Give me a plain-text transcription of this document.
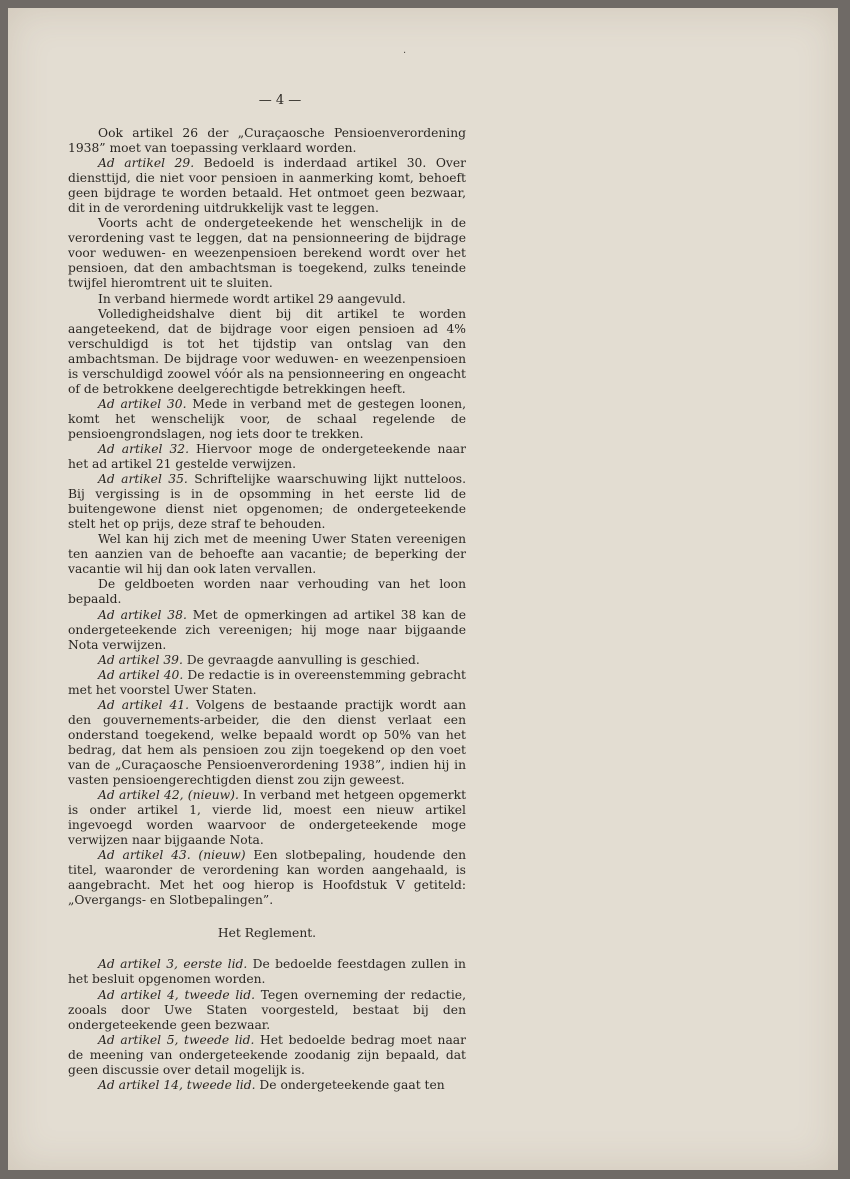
— 4 —

Ook artikel 26 der „Curaçaosche Pensioenverordening 1938” moet van toepassing verklaard worden.

Ad artikel 29. Bedoeld is inderdaad artikel 30. Over diensttijd, die niet voor pensioen in aanmerking komt, behoeft geen bijdrage te worden betaald. Het ontmoet geen bezwaar, dit in de verordening uitdrukkelijk vast te leggen.

Voorts acht de ondergeteekende het wenschelijk in de verordening vast te leggen, dat na pensionneering de bijdrage voor weduwen- en weezenpensioen berekend wordt over het pensioen, dat den ambachtsman is toegekend, zulks teneinde twijfel hieromtrent uit te sluiten.

In verband hiermede wordt artikel 29 aangevuld.

Volledigheidshalve dient bij dit artikel te worden aangeteekend, dat de bijdrage voor eigen pensioen ad 4% verschuldigd is tot het tijdstip van ontslag van den ambachtsman. De bijdrage voor weduwen- en weezenpensioen is verschuldigd zoowel vóór als na pensionneering en ongeacht of de betrokkene deelgerechtigde betrekkingen heeft.

Ad artikel 30. Mede in verband met de gestegen loonen, komt het wenschelijk voor, de schaal regelende de pensioengrondslagen, nog iets door te trekken.

Ad artikel 32. Hiervoor moge de ondergeteekende naar het ad artikel 21 gestelde verwijzen.

Ad artikel 35. Schriftelijke waarschuwing lijkt nutteloos. Bij vergissing is in de opsomming in het eerste lid de buitengewone dienst niet opgenomen; de ondergeteekende stelt het op prijs, deze straf te behouden.

Wel kan hij zich met de meening Uwer Staten vereenigen ten aanzien van de behoefte aan vacantie; de beperking der vacantie wil hij dan ook laten vervallen.

De geldboeten worden naar verhouding van het loon bepaald.

Ad artikel 38. Met de opmerkingen ad artikel 38 kan de ondergeteekende zich vereenigen; hij moge naar bijgaande Nota verwijzen.

Ad artikel 39. De gevraagde aanvulling is geschied.

Ad artikel 40. De redactie is in overeenstemming gebracht met het voorstel Uwer Staten.

Ad artikel 41. Volgens de bestaande practijk wordt aan den gouvernements-arbeider, die den dienst verlaat een onderstand toegekend, welke bepaald wordt op 50% van het bedrag, dat hem als pensioen zou zijn toegekend op den voet van de „Curaçaosche Pensioenverordening 1938”, indien hij in vasten pensioengerechtigden dienst zou zijn geweest.

Ad artikel 42, (nieuw). In verband met hetgeen opgemerkt is onder artikel 1, vierde lid, moest een nieuw artikel ingevoegd worden waarvoor de ondergeteekende moge verwijzen naar bijgaande Nota.

Ad artikel 43. (nieuw) Een slotbepaling, houdende den titel, waaronder de verordening kan worden aangehaald, is aangebracht. Met het oog hierop is Hoofdstuk V getiteld: „Overgangs- en Slotbepalingen”.

Het Reglement.

Ad artikel 3, eerste lid. De bedoelde feestdagen zullen in het besluit opgenomen worden.

Ad artikel 4, tweede lid. Tegen overneming der redactie, zooals door Uwe Staten voorgesteld, bestaat bij den ondergeteekende geen bezwaar.

Ad artikel 5, tweede lid. Het bedoelde bedrag moet naar de meening van ondergeteekende zoodanig zijn bepaald, dat geen discussie over detail mogelijk is.

Ad artikel 14, tweede lid. De ondergeteekende gaat ten

·
